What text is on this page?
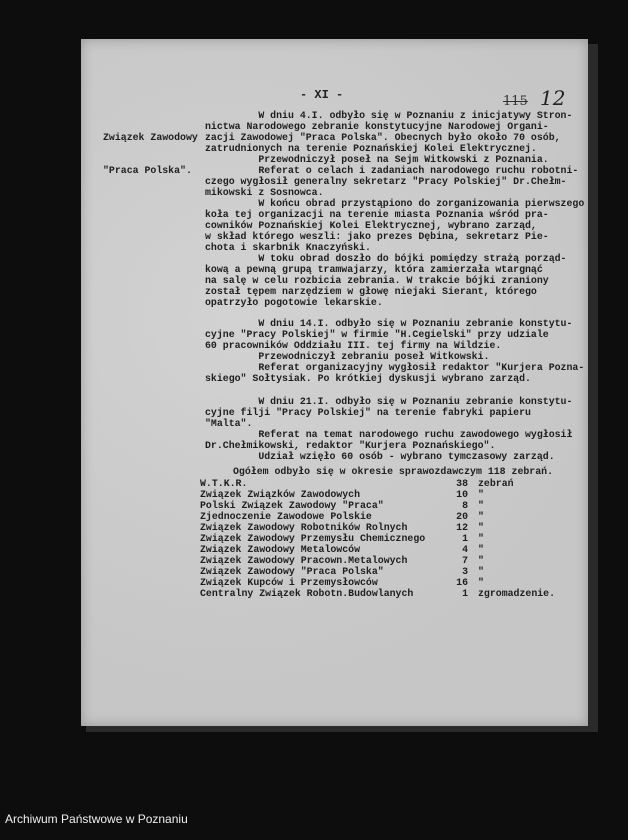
- XI -	115 12

Związek Zawodowy

"Praca Polska".

W dniu 4.I. odbyło się w Poznaniu z inicjatywy Stron-
nictwa Narodowego zebranie konstytucyjne Narodowej Organi-
zacji Zawodowej "Praca Polska". Obecnych było około 70 osób,
zatrudnionych na terenie Poznańskiej Kolei Elektrycznej.
Przewodniczył poseł na Sejm Witkowski z Poznania.
Referat o celach i zadaniach narodowego ruchu robotni-
czego wygłosił generalny sekretarz "Pracy Polskiej" Dr.Chełm-
mikowski z Sosnowca.
W końcu obrad przystąpiono do zorganizowania pierwszego
koła tej organizacji na terenie miasta Poznania wśród pra-
cowników Poznańskiej Kolei Elektrycznej, wybrano zarząd,
w skład którego weszli: jako prezes Dębina, sekretarz Pie-
chota i skarbnik Knaczyński.
W toku obrad doszło do bójki pomiędzy strażą porząd-
kową a pewną grupą tramwajarzy, która zamierzała wtargnąć
na salę w celu rozbicia zebrania. W trakcie bójki zraniony
został tępem narzędziem w głowę niejaki Sierant, którego
opatrzyło pogotowie lekarskie.
W dniu 14.I. odbyło się w Poznaniu zebranie konstytu-
cyjne "Pracy Polskiej" w firmie "H.Cegielski" przy udziale
60 pracowników Oddziału III. tej firmy na Wildzie.
Przewodniczył zebraniu poseł Witkowski.
Referat organizacyjny wygłosił redaktor "Kurjera Pozna-
skiego" Sołtysiak. Po krótkiej dyskusji wybrano zarząd.
W dniu 21.I. odbyło się w Poznaniu zebranie konstytu-
cyjne filji "Pracy Polskiej" na terenie fabryki papieru
"Malta".
Referat na temat narodowego ruchu zawodowego wygłosił
Dr.Chełmikowski, redaktor "Kurjera Poznańskiego".
Udział wzięło 60 osób - wybrano tymczasowy zarząd.
Ogółem odbyło się w okresie sprawozdawczym 118 zebrań.
W.T.K.R.	38	zebrań
Związek Związków Zawodowych	10	"
Polski Związek Zawodowy "Praca"	8	"
Zjednoczenie Zawodowe Polskie	20	"
Związek Zawodowy Robotników Rolnych	12	"
Związek Zawodowy Przemysłu Chemicznego	1	"
Związek Zawodowy Metalowców	4	"
Związek Zawodowy Pracown.Metalowych	7	"
Związek Zawodowy "Praca Polska"	3	"
Związek Kupców i Przemysłowców	16	"
Centralny Związek Robotn.Budowlanych	1	zgromadzenie.
Archiwum Państwowe w Poznaniu
